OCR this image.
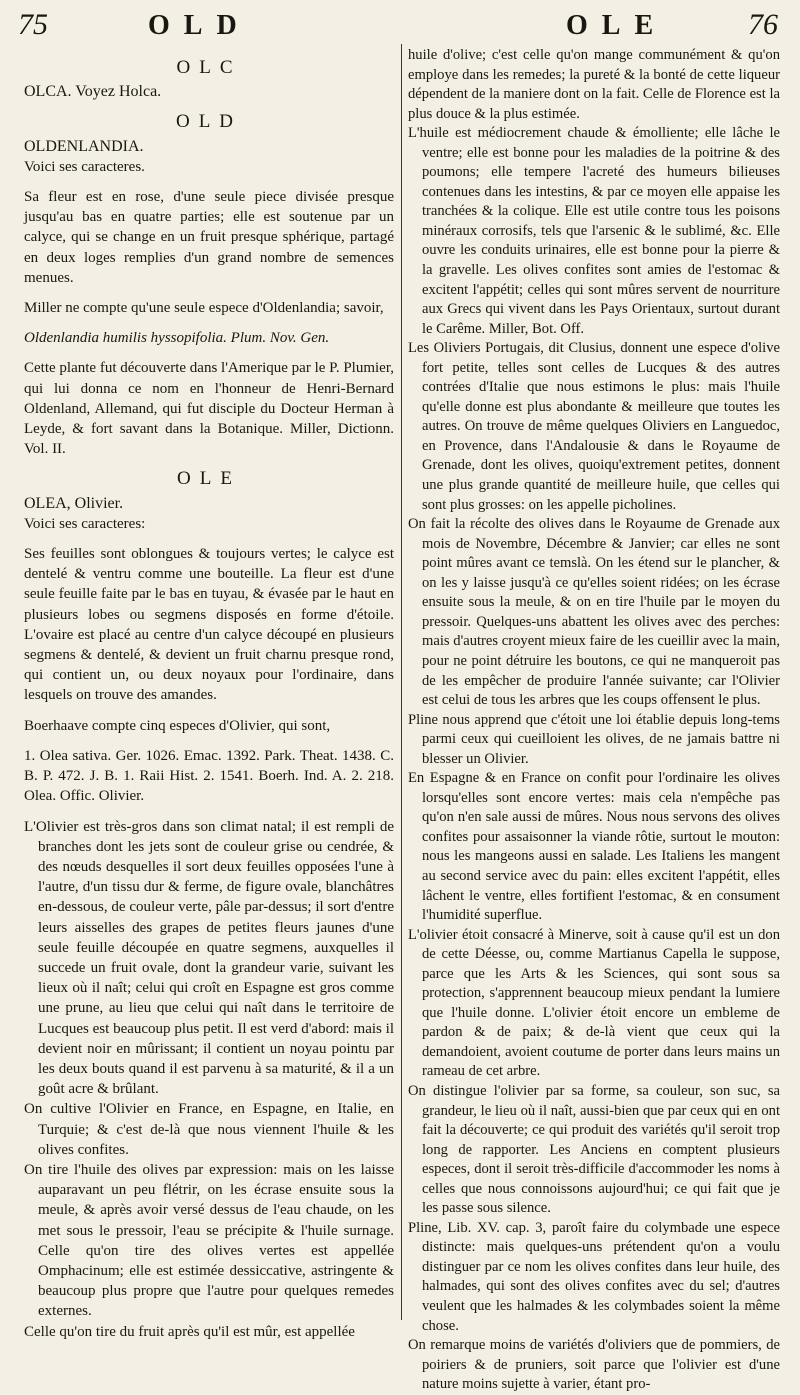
75	OLD	OLE	76
OLC

OLCA. Voyez Holca.

OLD

OLDENLANDIA.

Voici ses caracteres.

Sa fleur est en rose, d'une seule piece divisée presque jusqu'au bas en quatre parties; elle est soutenue par un calyce, qui se change en un fruit presque sphérique, partagé en deux loges remplies d'un grand nombre de semences menues.

Miller ne compte qu'une seule espece d'Oldenlandia; savoir,

Oldenlandia humilis hyssopifolia. Plum. Nov. Gen.

Cette plante fut découverte dans l'Amerique par le P. Plumier, qui lui donna ce nom en l'honneur de Henri-Bernard Oldenland, Allemand, qui fut disciple du Docteur Herman à Leyde, & fort savant dans la Botanique. Miller, Dictionn. Vol. II.

OLE

OLEA, Olivier.

Voici ses caracteres:

Ses feuilles sont oblongues & toujours vertes; le calyce est dentelé & ventru comme une bouteille. La fleur est d'une seule feuille faite par le bas en tuyau, & évasée par le haut en plusieurs lobes ou segmens disposés en forme d'étoile. L'ovaire est placé au centre d'un calyce découpé en plusieurs segmens & dentelé, & devient un fruit charnu presque rond, qui contient un, ou deux noyaux pour l'ordinaire, dans lesquels on trouve des amandes.

Boerhaave compte cinq especes d'Olivier, qui sont,

1. Olea sativa. Ger. 1026. Emac. 1392. Park. Theat. 1438. C. B. P. 472. J. B. 1. Raii Hist. 2. 1541. Boerh. Ind. A. 2. 218. Olea. Offic. Olivier.

L'Olivier est très-gros dans son climat natal; il est rempli de branches dont les jets sont de couleur grise ou cendrée, & des nœuds desquelles il sort deux feuilles opposées l'une à l'autre, d'un tissu dur & ferme, de figure ovale, blanchâtres en-dessous, de couleur verte, pâle par-dessus; il sort d'entre leurs aisselles des grapes de petites fleurs jaunes d'une seule feuille découpée en quatre segmens, auxquelles il succede un fruit ovale, dont la grandeur varie, suivant les lieux où il naît; celui qui croît en Espagne est gros comme une prune, au lieu que celui qui naît dans le territoire de Lucques est beaucoup plus petit. Il est verd d'abord: mais il devient noir en mûrissant; il contient un noyau pointu par les deux bouts quand il est parvenu à sa maturité, & il a un goût acre & brûlant.

On cultive l'Olivier en France, en Espagne, en Italie, en Turquie; & c'est de-là que nous viennent l'huile & les olives confites.

On tire l'huile des olives par expression: mais on les laisse auparavant un peu flétrir, on les écrase ensuite sous la meule, & après avoir versé dessus de l'eau chaude, on les met sous le pressoir, l'eau se précipite & l'huile surnage. Celle qu'on tire des olives vertes est appellée Omphacinum; elle est estimée dessiccative, astringente & beaucoup plus propre que l'autre pour quelques remedes externes.

Celle qu'on tire du fruit après qu'il est mûr, est appellée

huile d'olive; c'est celle qu'on mange communément & qu'on employe dans les remedes; la pureté & la bonté de cette liqueur dépendent de la maniere dont on la fait. Celle de Florence est la plus douce & la plus estimée.

L'huile est médiocrement chaude & émolliente; elle lâche le ventre; elle est bonne pour les maladies de la poitrine & des poumons; elle tempere l'acreté des humeurs bilieuses contenues dans les intestins, & par ce moyen elle appaise les tranchées & la colique. Elle est utile contre tous les poisons minéraux corrosifs, tels que l'arsenic & le sublimé, &c. Elle ouvre les conduits urinaires, elle est bonne pour la pierre & la gravelle. Les olives confites sont amies de l'estomac & excitent l'appétit; celles qui sont mûres servent de nourriture aux Grecs qui vivent dans les Pays Orientaux, surtout durant le Carême. Miller, Bot. Off.

Les Oliviers Portugais, dit Clusius, donnent une espece d'olive fort petite, telles sont celles de Lucques & des autres contrées d'Italie que nous estimons le plus: mais l'huile qu'elle donne est plus abondante & meilleure que toutes les autres. On trouve de même quelques Oliviers en Languedoc, en Provence, dans l'Andalousie & dans le Royaume de Grenade, dont les olives, quoiqu'extrement petites, donnent une plus grande quantité de meilleure huile, que celles qui sont plus grosses: on les appelle picholines.

On fait la récolte des olives dans le Royaume de Grenade aux mois de Novembre, Décembre & Janvier; car elles ne sont point mûres avant ce temslà. On les étend sur le plancher, & on les y laisse jusqu'à ce qu'elles soient ridées; on les écrase ensuite sous la meule, & on en tire l'huile par le moyen du pressoir. Quelques-uns abattent les olives avec des perches: mais d'autres croyent mieux faire de les cueillir avec la main, pour ne point détruire les boutons, ce qui ne manqueroit pas de les empêcher de produire l'année suivante; car l'Olivier est celui de tous les arbres que les coups offensent le plus.

Pline nous apprend que c'étoit une loi établie depuis long-tems parmi ceux qui cueilloient les olives, de ne jamais battre ni blesser un Olivier.

En Espagne & en France on confit pour l'ordinaire les olives lorsqu'elles sont encore vertes: mais cela n'empêche pas qu'on n'en sale aussi de mûres. Nous nous servons des olives confites pour assaisonner la viande rôtie, surtout le mouton: nous les mangeons aussi en salade. Les Italiens les mangent au second service avec du pain: elles excitent l'appétit, elles lâchent le ventre, elles fortifient l'estomac, & en consument l'humidité superflue.

L'olivier étoit consacré à Minerve, soit à cause qu'il est un don de cette Déesse, ou, comme Martianus Capella le suppose, parce que les Arts & les Sciences, qui sont sous sa protection, s'apprennent beaucoup mieux pendant la lumiere que l'huile donne. L'olivier étoit encore un embleme de pardon & de paix; & de-là vient que ceux qui la demandoient, avoient coutume de porter dans leurs mains un rameau de cet arbre.

On distingue l'olivier par sa forme, sa couleur, son suc, sa grandeur, le lieu où il naît, aussi-bien que par ceux qui en ont fait la découverte; ce qui produit des variétés qu'il seroit trop long de rapporter. Les Anciens en comptent plusieurs especes, dont il seroit très-difficile d'accommoder les noms à celles que nous connoissons aujourd'hui; ce qui fait que je les passe sous silence.

Pline, Lib. XV. cap. 3, paroît faire du colymbade une espece distincte: mais quelques-uns prétendent qu'on a voulu distinguer par ce nom les olives confites dans leur huile, des halmades, qui sont des olives confites avec du sel; d'autres veulent que les halmades & les colymbades soient la même chose.

On remarque moins de variétés d'oliviers que de pommiers, de poiriers & de pruniers, soit parce que l'olivier est d'une nature moins sujette à varier, étant pro-
